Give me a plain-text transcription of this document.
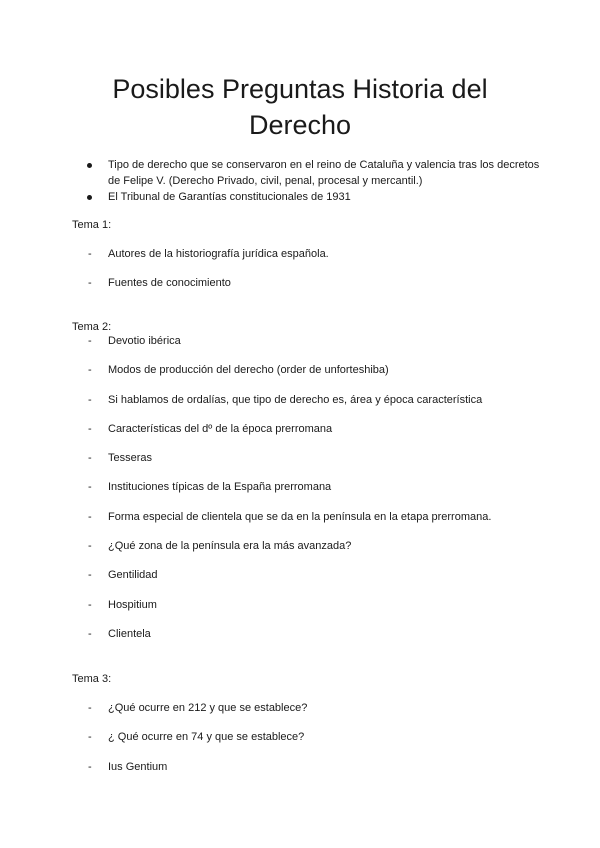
Posibles Preguntas Historia del
Derecho
Tipo de derecho que se conservaron en el reino de Cataluña y valencia tras los decretos de Felipe V. (Derecho Privado, civil, penal, procesal y mercantil.)
El Tribunal de Garantías constitucionales de 1931

Tema 1:

-	Autores de la historiografía jurídica española.
-	Fuentes de conocimiento

Tema 2:

-	Devotio ibérica
-	Modos de producción del derecho (order de unforteshiba)
-	Si hablamos de ordalías, que tipo de derecho es, área y época característica
-	Características del dº de la época prerromana
-	Tesseras
-	Instituciones típicas de la España prerromana
-	Forma especial de clientela que se da en la península en la etapa prerromana.
-	¿Qué zona de la península era la más avanzada?
-	Gentilidad
-	Hospitium
-	Clientela

Tema 3:

-	¿Qué ocurre en 212 y que se establece?
-	¿ Qué ocurre en 74 y que se establece?
-	Ius Gentium
